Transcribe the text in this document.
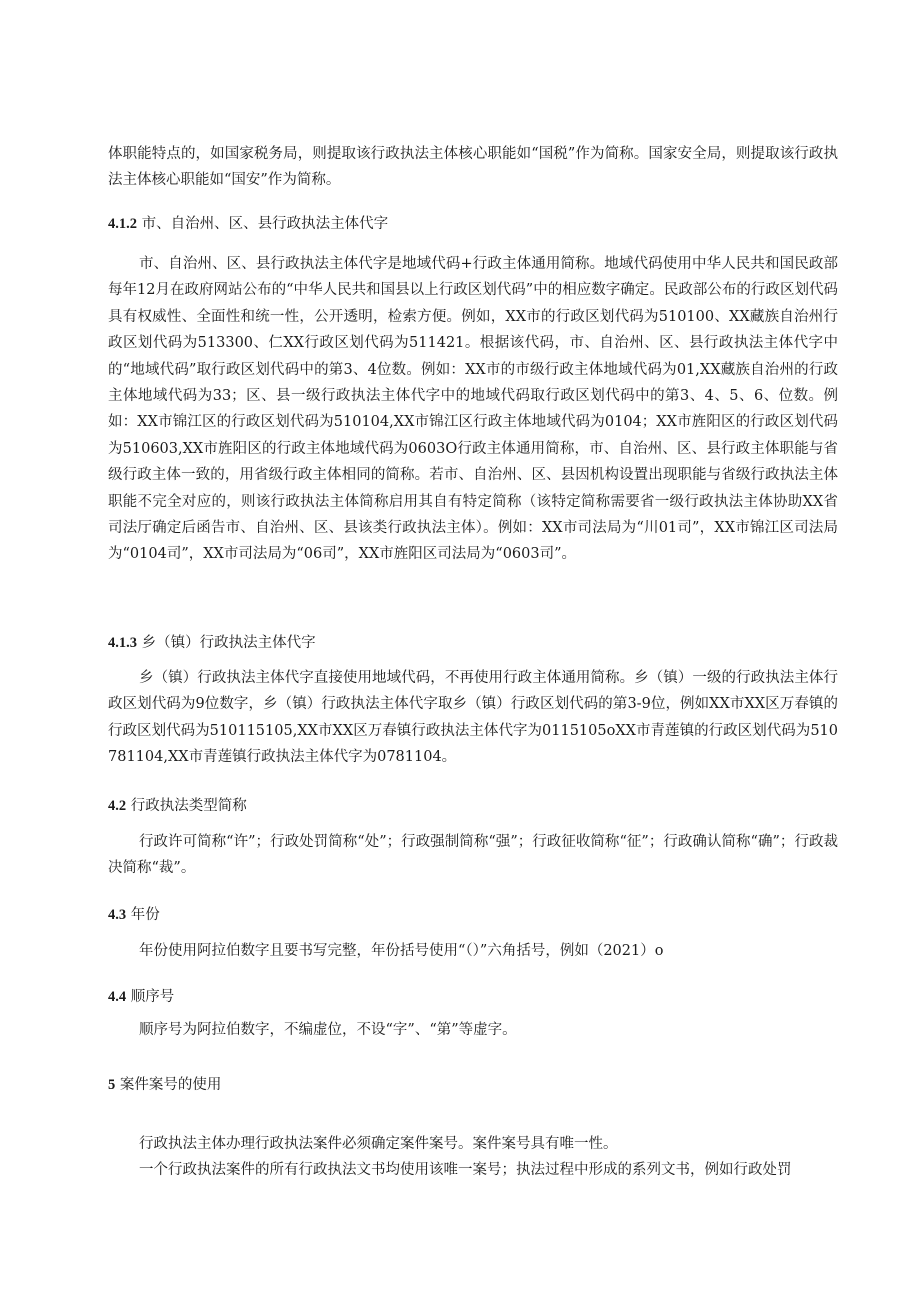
体职能特点的，如国家税务局，则提取该行政执法主体核心职能如“国税”作为简称。国家安全局，则提取该行政执法主体核心职能如“国安”作为简称。

4.1.2 市、自治州、区、县行政执法主体代字

市、自治州、区、县行政执法主体代字是地域代码+行政主体通用简称。地域代码使用中华人民共和国民政部每年12月在政府网站公布的“中华人民共和国县以上行政区划代码”中的相应数字确定。民政部公布的行政区划代码具有权威性、全面性和统一性，公开透明，检索方便。例如，XX市的行政区划代码为510100、XX藏族自治州行政区划代码为513300、仁XX行政区划代码为511421。根据该代码，市、自治州、区、县行政执法主体代字中的“地域代码”取行政区划代码中的第3、4位数。例如：XX市的市级行政主体地域代码为01,XX藏族自治州的行政主体地域代码为33；区、县一级行政执法主体代字中的地域代码取行政区划代码中的第3、4、5、6、位数。例如：XX市锦江区的行政区划代码为510104,XX市锦江区行政主体地域代码为0104；XX市旌阳区的行政区划代码为510603,XX市旌阳区的行政主体地域代码为0603O行政主体通用简称，市、自治州、区、县行政主体职能与省级行政主体一致的，用省级行政主体相同的简称。若市、自治州、区、县因机构设置出现职能与省级行政执法主体职能不完全对应的，则该行政执法主体简称启用其自有特定简称（该特定简称需要省一级行政执法主体协助XX省司法厅确定后函告市、自治州、区、县该类行政执法主体）。例如：XX市司法局为“川01司”，XX市锦江区司法局为“0104司”，XX市司法局为“06司”，XX市旌阳区司法局为“0603司”。

4.1.3 乡（镇）行政执法主体代字

乡（镇）行政执法主体代字直接使用地域代码，不再使用行政主体通用简称。乡（镇）一级的行政执法主体行政区划代码为9位数字，乡（镇）行政执法主体代字取乡（镇）行政区划代码的第3-9位，例如XX市XX区万春镇的行政区划代码为510115105,XX市XX区万春镇行政执法主体代字为0115105oXX市青莲镇的行政区划代码为510781104,XX市青莲镇行政执法主体代字为0781104。

4.2 行政执法类型简称

行政许可简称“许”；行政处罚简称“处”；行政强制简称“强”；行政征收简称“征”；行政确认简称“确”；行政裁决简称“裁”。

4.3 年份

年份使用阿拉伯数字且要书写完整，年份括号使用“（）”六角括号，例如（2021）o

4.4 顺序号

顺序号为阿拉伯数字，不编虚位，不设“字”、“第”等虚字。

5 案件案号的使用

行政执法主体办理行政执法案件必须确定案件案号。案件案号具有唯一性。

一个行政执法案件的所有行政执法文书均使用该唯一案号；执法过程中形成的系列文书，例如行政处罚
